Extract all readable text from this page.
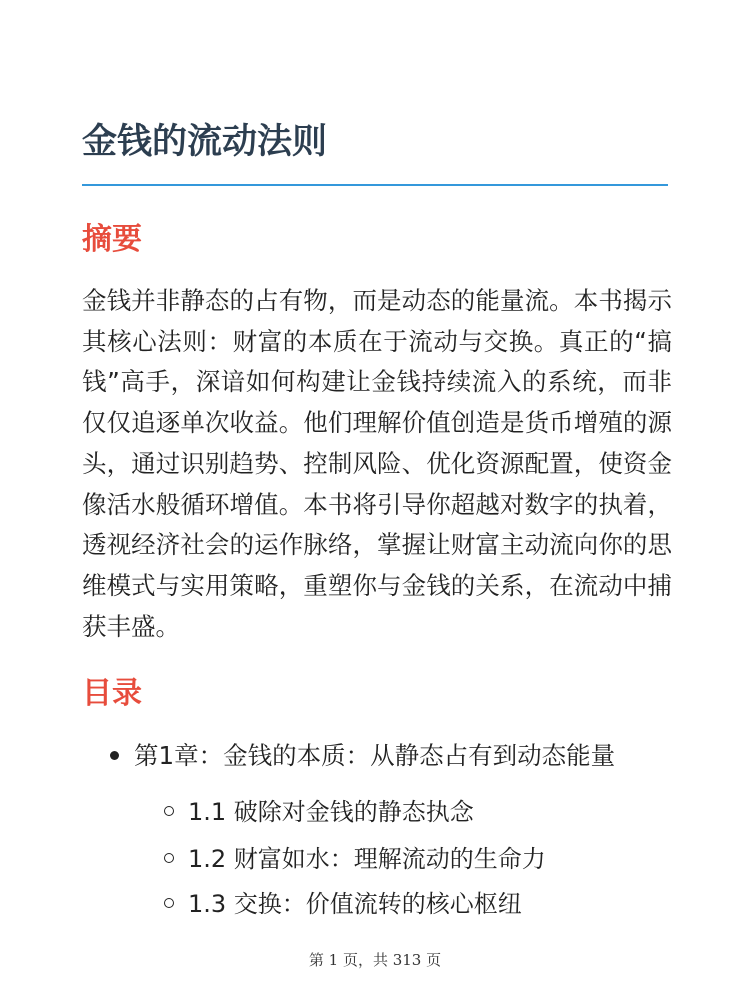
金钱的流动法则
摘要

金钱并非静态的占有物，而是动态的能量流。本书揭示其核心法则：财富的本质在于流动与交换。真正的“搞钱”高手，深谙如何构建让金钱持续流入的系统，而非仅仅追逐单次收益。他们理解价值创造是货币增殖的源头，通过识别趋势、控制风险、优化资源配置，使资金像活水般循环增值。本书将引导你超越对数字的执着，透视经济社会的运作脉络，掌握让财富主动流向你的思维模式与实用策略，重塑你与金钱的关系，在流动中捕获丰盛。

目录
第1章：金钱的本质：从静态占有到动态能量
1.1 破除对金钱的静态执念
1.2 财富如水：理解流动的生命力
1.3 交换：价值流转的核心枢纽
第 1 页，共 313 页
